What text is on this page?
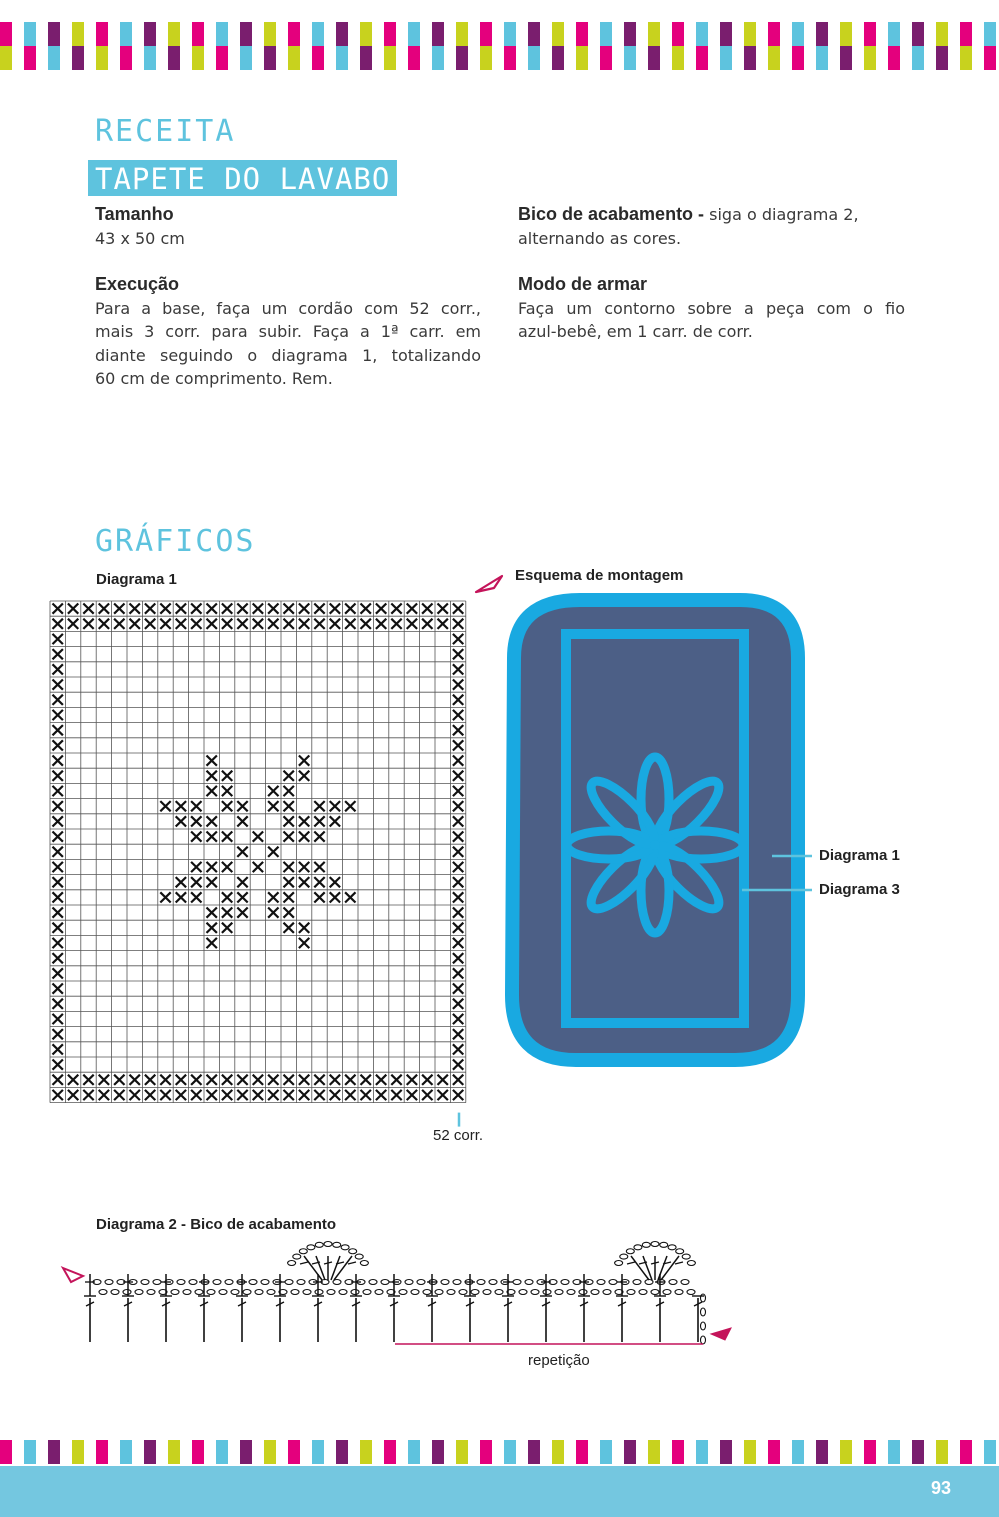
RECEITA
TAPETE DO LAVABO
Tamanho
43 x 50 cm
Execução
Para a base, faça um cordão com 52 corr.,
mais 3 corr. para subir. Faça a 1ª carr. em
diante seguindo o diagrama 1, totalizando
60 cm de comprimento. Rem.
Bico de acabamento - siga o diagrama 2,
alternando as cores.
Modo de armar
Faça um contorno sobre a peça com o fio
azul-bebê, em 1 carr. de corr.
GRÁFICOS
Diagrama 1
52 corr.
Esquema de montagem
Diagrama 1
Diagrama 3
Diagrama 2 - Bico de acabamento
repetição
93
